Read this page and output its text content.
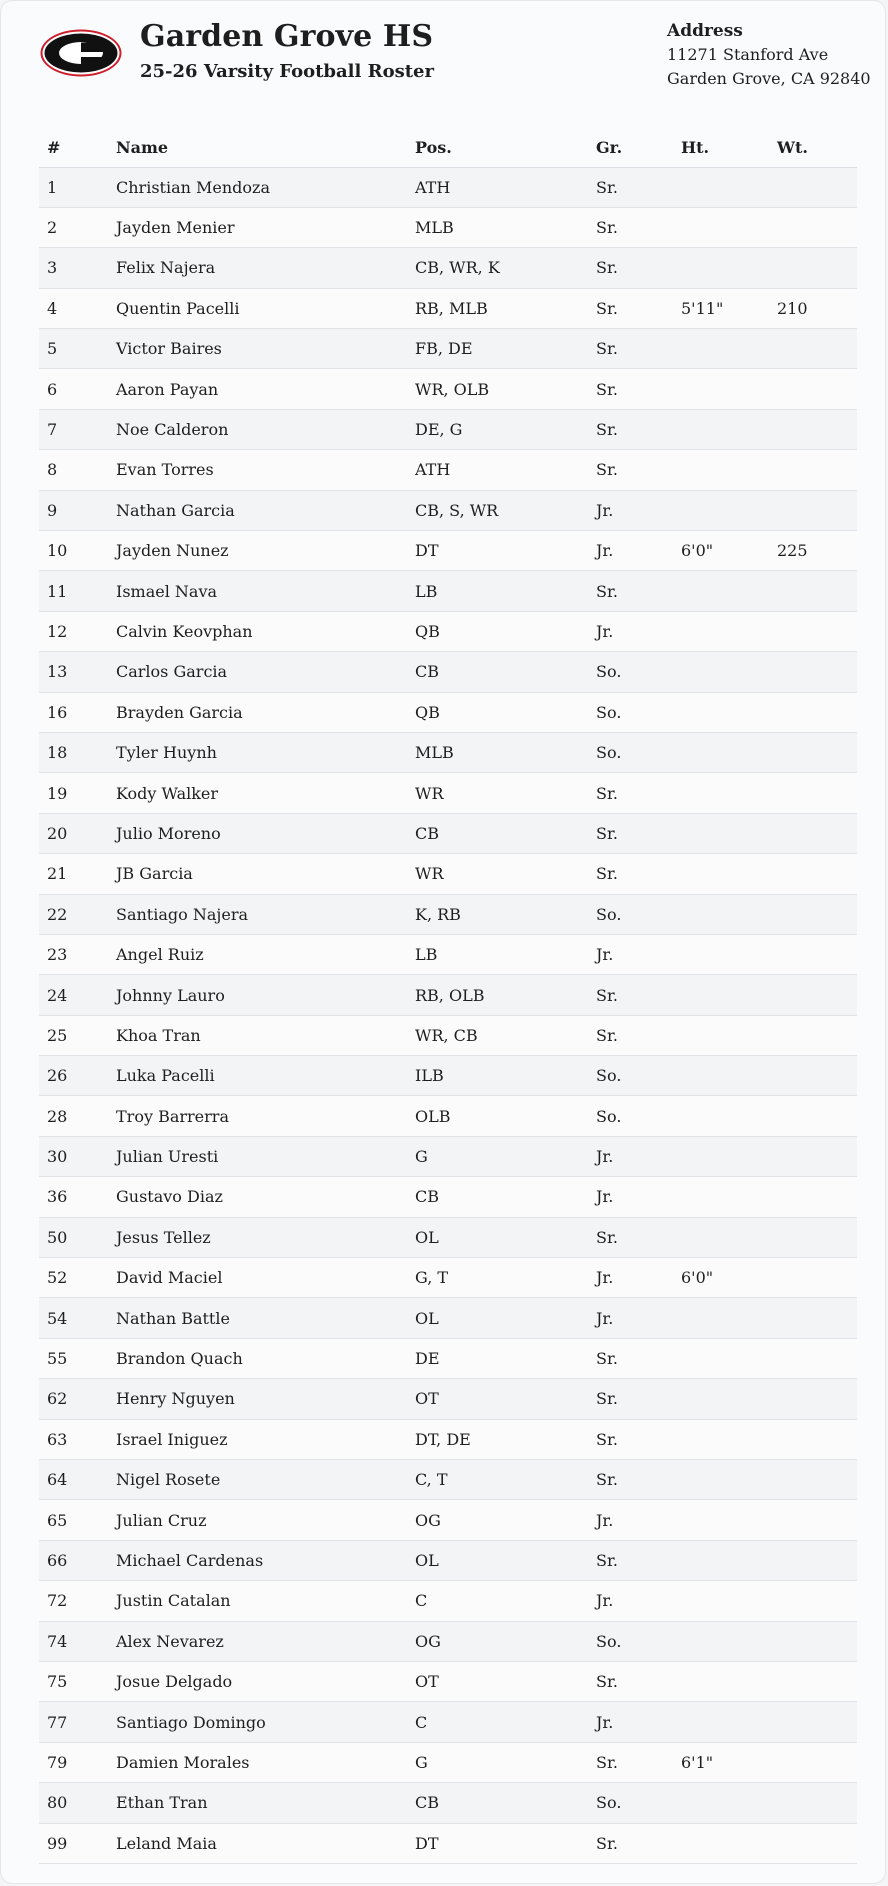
Garden Grove HS
25-26 Varsity Football Roster
Address
11271 Stanford Ave
Garden Grove, CA 92840
#	Name	Pos.	Gr.	Ht.	Wt.
1	Christian Mendoza	ATH	Sr.		
2	Jayden Menier	MLB	Sr.		
3	Felix Najera	CB, WR, K	Sr.		
4	Quentin Pacelli	RB, MLB	Sr.	5'11"	210
5	Victor Baires	FB, DE	Sr.		
6	Aaron Payan	WR, OLB	Sr.		
7	Noe Calderon	DE, G	Sr.		
8	Evan Torres	ATH	Sr.		
9	Nathan Garcia	CB, S, WR	Jr.		
10	Jayden Nunez	DT	Jr.	6'0"	225
11	Ismael Nava	LB	Sr.		
12	Calvin Keovphan	QB	Jr.		
13	Carlos Garcia	CB	So.		
16	Brayden Garcia	QB	So.		
18	Tyler Huynh	MLB	So.		
19	Kody Walker	WR	Sr.		
20	Julio Moreno	CB	Sr.		
21	JB Garcia	WR	Sr.		
22	Santiago Najera	K, RB	So.		
23	Angel Ruiz	LB	Jr.		
24	Johnny Lauro	RB, OLB	Sr.		
25	Khoa Tran	WR, CB	Sr.		
26	Luka Pacelli	ILB	So.		
28	Troy Barrerra	OLB	So.		
30	Julian Uresti	G	Jr.		
36	Gustavo Diaz	CB	Jr.		
50	Jesus Tellez	OL	Sr.		
52	David Maciel	G, T	Jr.	6'0"	
54	Nathan Battle	OL	Jr.		
55	Brandon Quach	DE	Sr.		
62	Henry Nguyen	OT	Sr.		
63	Israel Iniguez	DT, DE	Sr.		
64	Nigel Rosete	C, T	Sr.		
65	Julian Cruz	OG	Jr.		
66	Michael Cardenas	OL	Sr.		
72	Justin Catalan	C	Jr.		
74	Alex Nevarez	OG	So.		
75	Josue Delgado	OT	Sr.		
77	Santiago Domingo	C	Jr.		
79	Damien Morales	G	Sr.	6'1"	
80	Ethan Tran	CB	So.		
99	Leland Maia	DT	Sr.		
